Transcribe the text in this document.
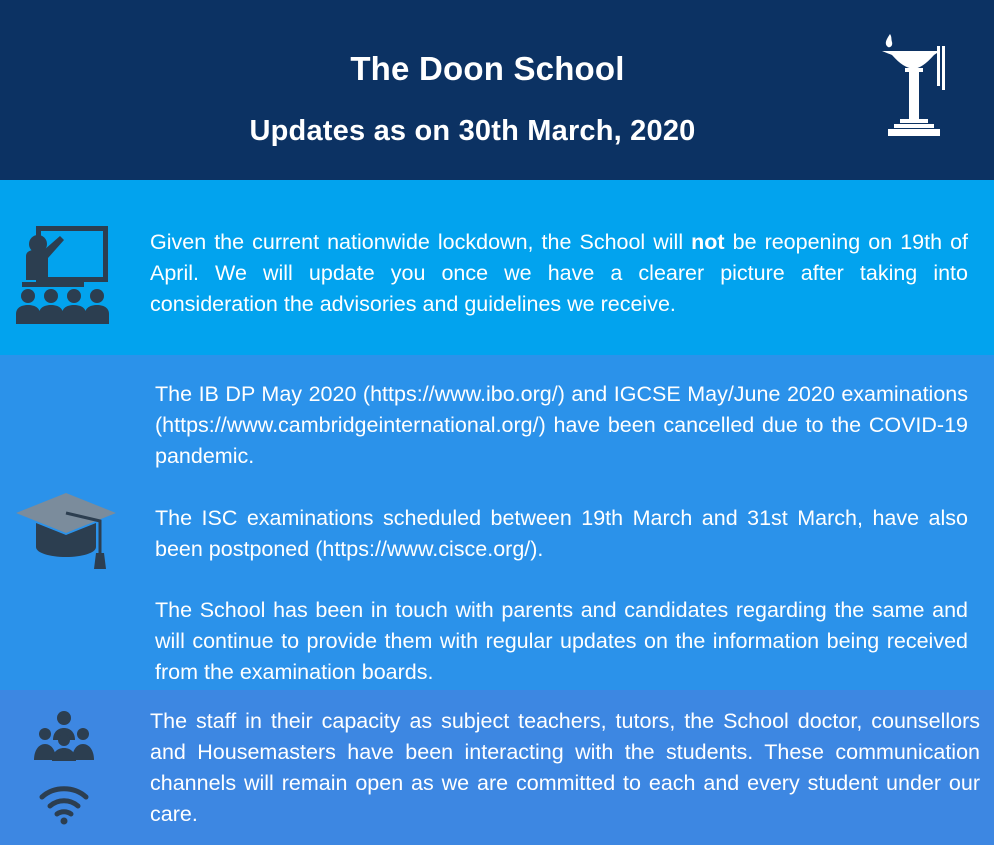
The Doon School
Updates as on 30th March, 2020

Given the current nationwide lockdown, the School will not be reopening on 19th of April. We will update you once we have a clearer picture after taking into consideration the advisories and guidelines we receive.

The IB DP May 2020 (https://www.ibo.org/) and IGCSE May/June 2020 examinations (https://www.cambridgeinternational.org/) have been cancelled due to the COVID-19 pandemic.

The ISC examinations scheduled between 19th March and 31st March, have also been postponed (https://www.cisce.org/).

The School has been in touch with parents and candidates regarding the same and will continue to provide them with regular updates on the information being received from the examination boards.

The staff in their capacity as subject teachers, tutors, the School doctor, counsellors and Housemasters have been interacting with the students. These communication channels will remain open as we are committed to each and every student under our care.
